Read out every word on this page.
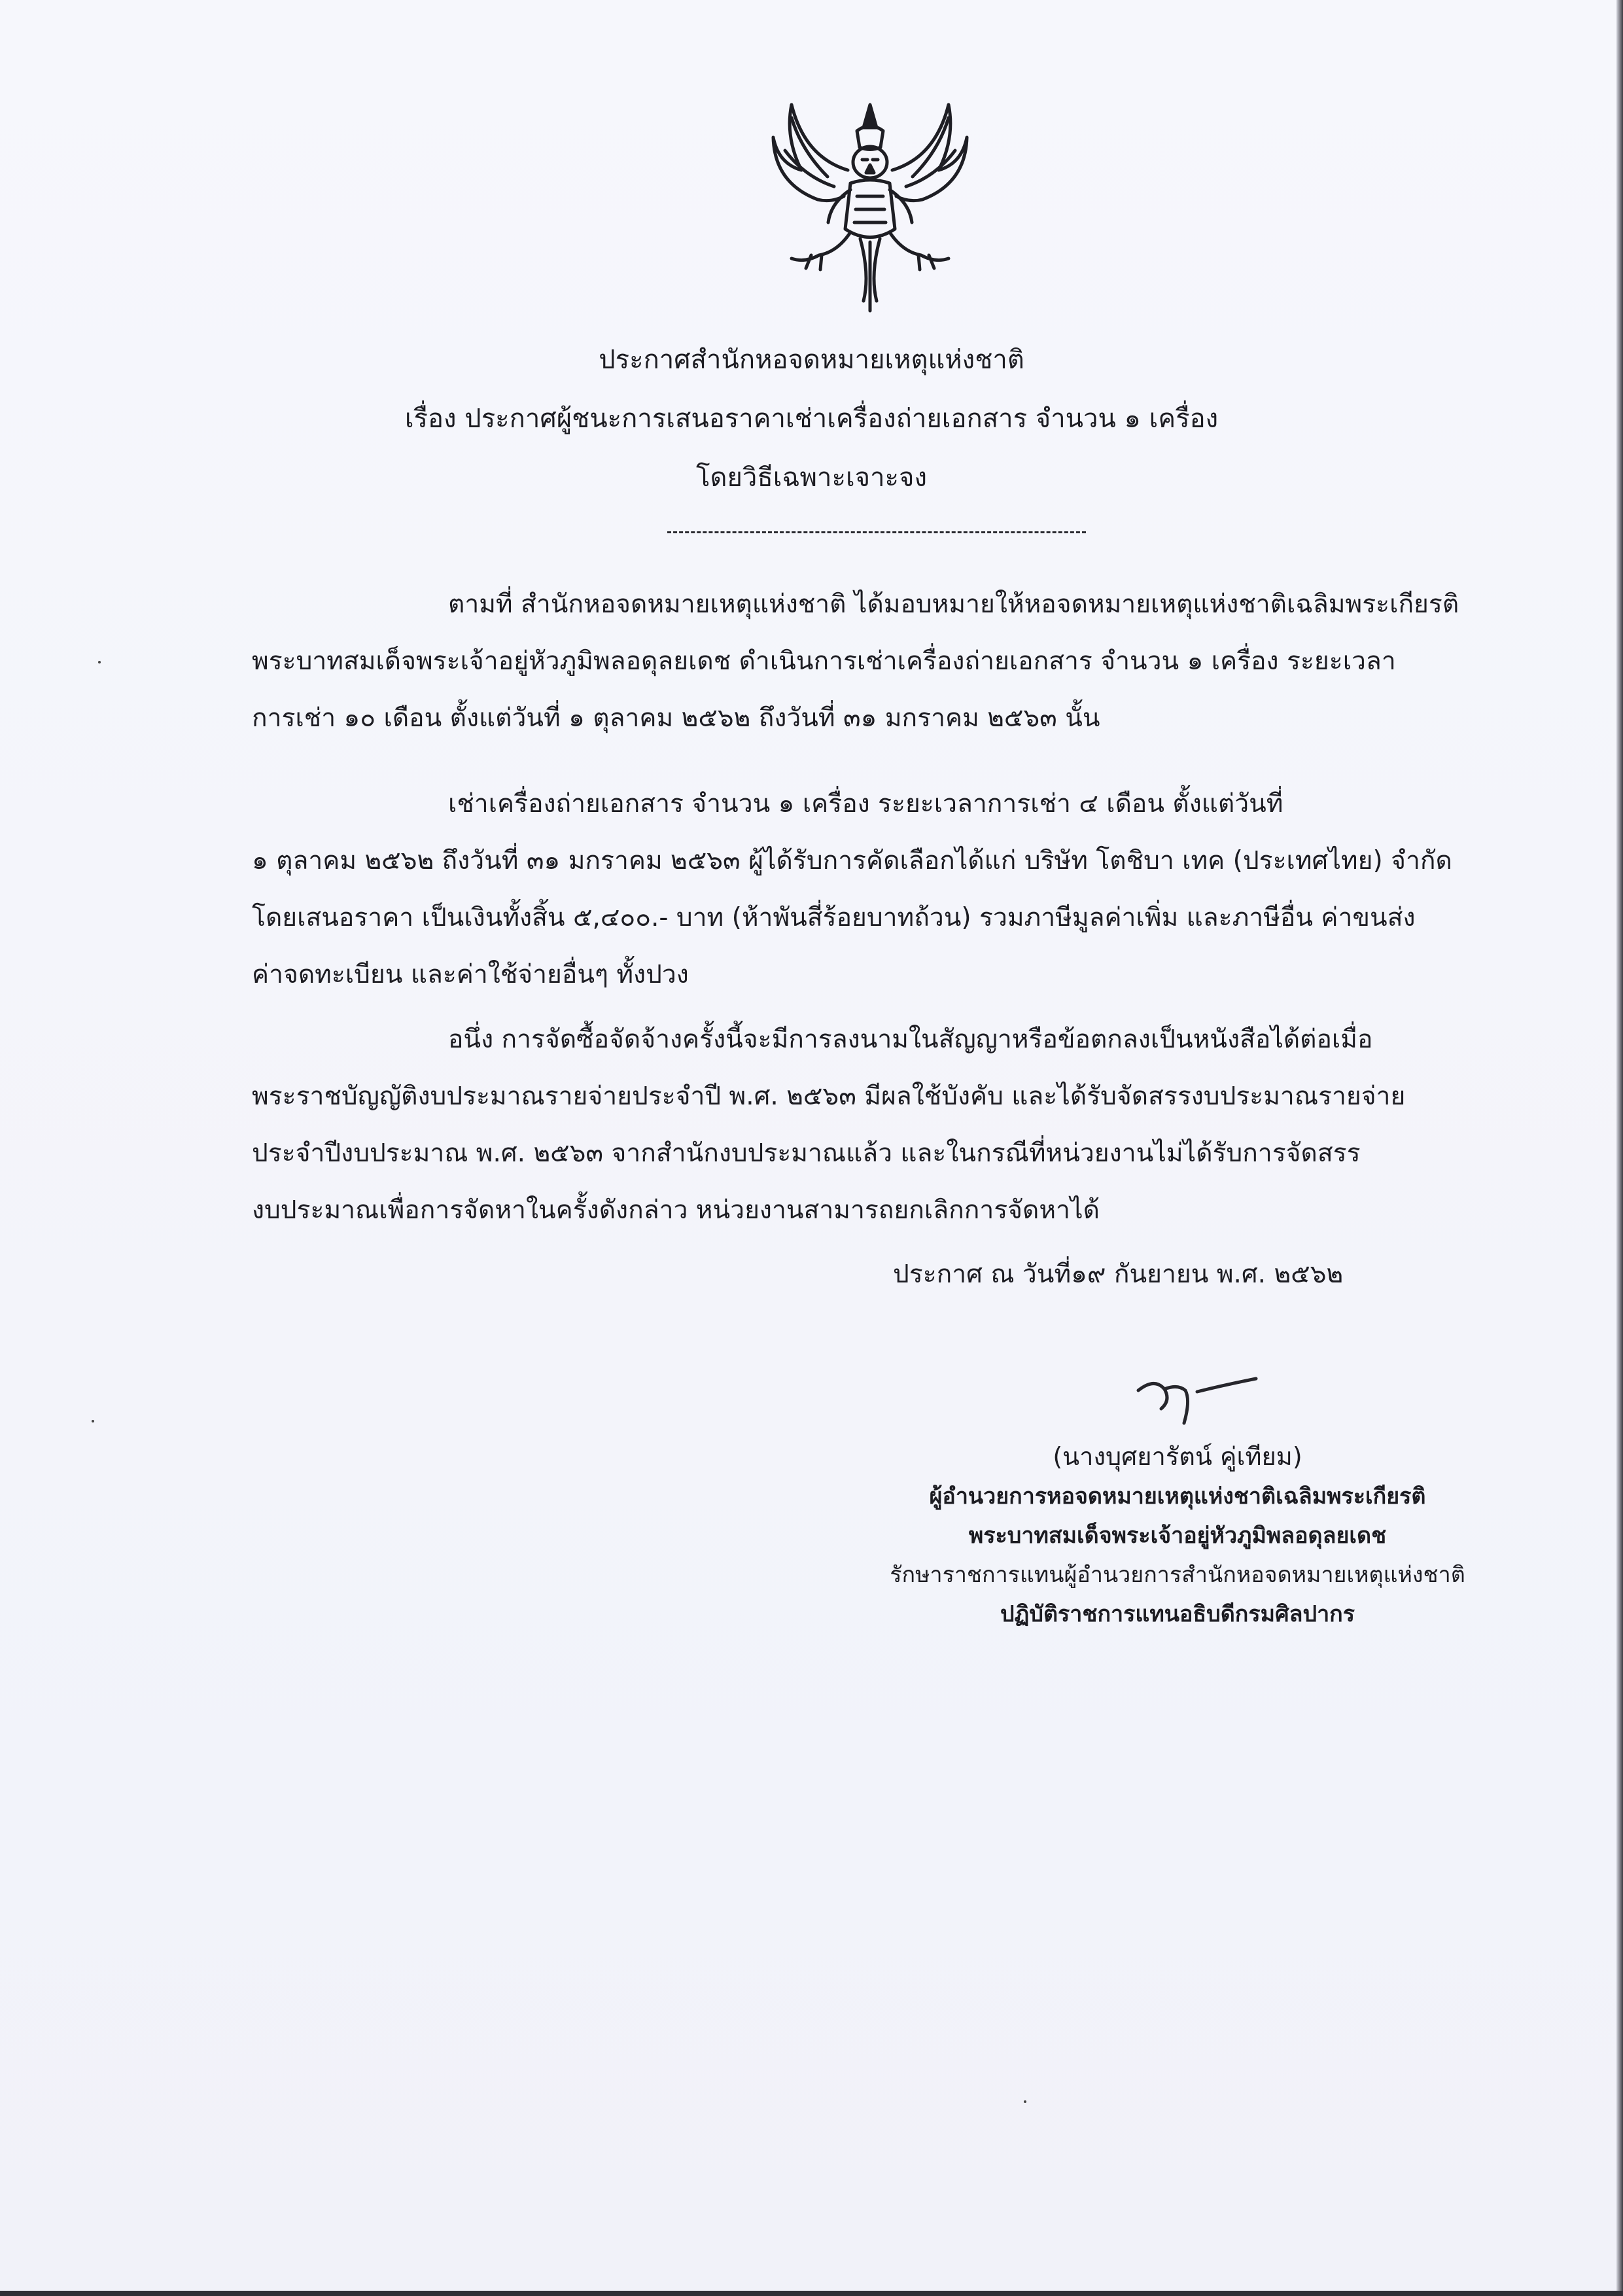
ประกาศสำนักหอจดหมายเหตุแห่งชาติ
เรื่อง ประกาศผู้ชนะการเสนอราคาเช่าเครื่องถ่ายเอกสาร จำนวน ๑ เครื่อง
โดยวิธีเฉพาะเจาะจง
ตามที่ สำนักหอจดหมายเหตุแห่งชาติ ได้มอบหมายให้หอจดหมายเหตุแห่งชาติเฉลิมพระเกียรติ
พระบาทสมเด็จพระเจ้าอยู่หัวภูมิพลอดุลยเดช ดำเนินการเช่าเครื่องถ่ายเอกสาร จำนวน ๑ เครื่อง ระยะเวลา
การเช่า ๑๐ เดือน ตั้งแต่วันที่ ๑ ตุลาคม ๒๕๖๒ ถึงวันที่ ๓๑ มกราคม ๒๕๖๓ นั้น
เช่าเครื่องถ่ายเอกสาร จำนวน ๑ เครื่อง ระยะเวลาการเช่า ๔ เดือน ตั้งแต่วันที่
๑ ตุลาคม ๒๕๖๒ ถึงวันที่ ๓๑ มกราคม ๒๕๖๓ ผู้ได้รับการคัดเลือกได้แก่ บริษัท โตชิบา เทค (ประเทศไทย) จำกัด
โดยเสนอราคา เป็นเงินทั้งสิ้น ๕,๔๐๐.- บาท (ห้าพันสี่ร้อยบาทถ้วน) รวมภาษีมูลค่าเพิ่ม และภาษีอื่น ค่าขนส่ง
ค่าจดทะเบียน และค่าใช้จ่ายอื่นๆ ทั้งปวง
อนึ่ง การจัดซื้อจัดจ้างครั้งนี้จะมีการลงนามในสัญญาหรือข้อตกลงเป็นหนังสือได้ต่อเมื่อ
พระราชบัญญัติงบประมาณรายจ่ายประจำปี พ.ศ. ๒๕๖๓ มีผลใช้บังคับ และได้รับจัดสรรงบประมาณรายจ่าย
ประจำปีงบประมาณ พ.ศ. ๒๕๖๓ จากสำนักงบประมาณแล้ว และในกรณีที่หน่วยงานไม่ได้รับการจัดสรร
งบประมาณเพื่อการจัดหาในครั้งดังกล่าว หน่วยงานสามารถยกเลิกการจัดหาได้
ประกาศ ณ วันที่๑๙ กันยายน พ.ศ. ๒๕๖๒
(นางบุศยารัตน์ คู่เทียม)
ผู้อำนวยการหอจดหมายเหตุแห่งชาติเฉลิมพระเกียรติ
พระบาทสมเด็จพระเจ้าอยู่หัวภูมิพลอดุลยเดช
รักษาราชการแทนผู้อำนวยการสำนักหอจดหมายเหตุแห่งชาติ
ปฏิบัติราชการแทนอธิบดีกรมศิลปากร
